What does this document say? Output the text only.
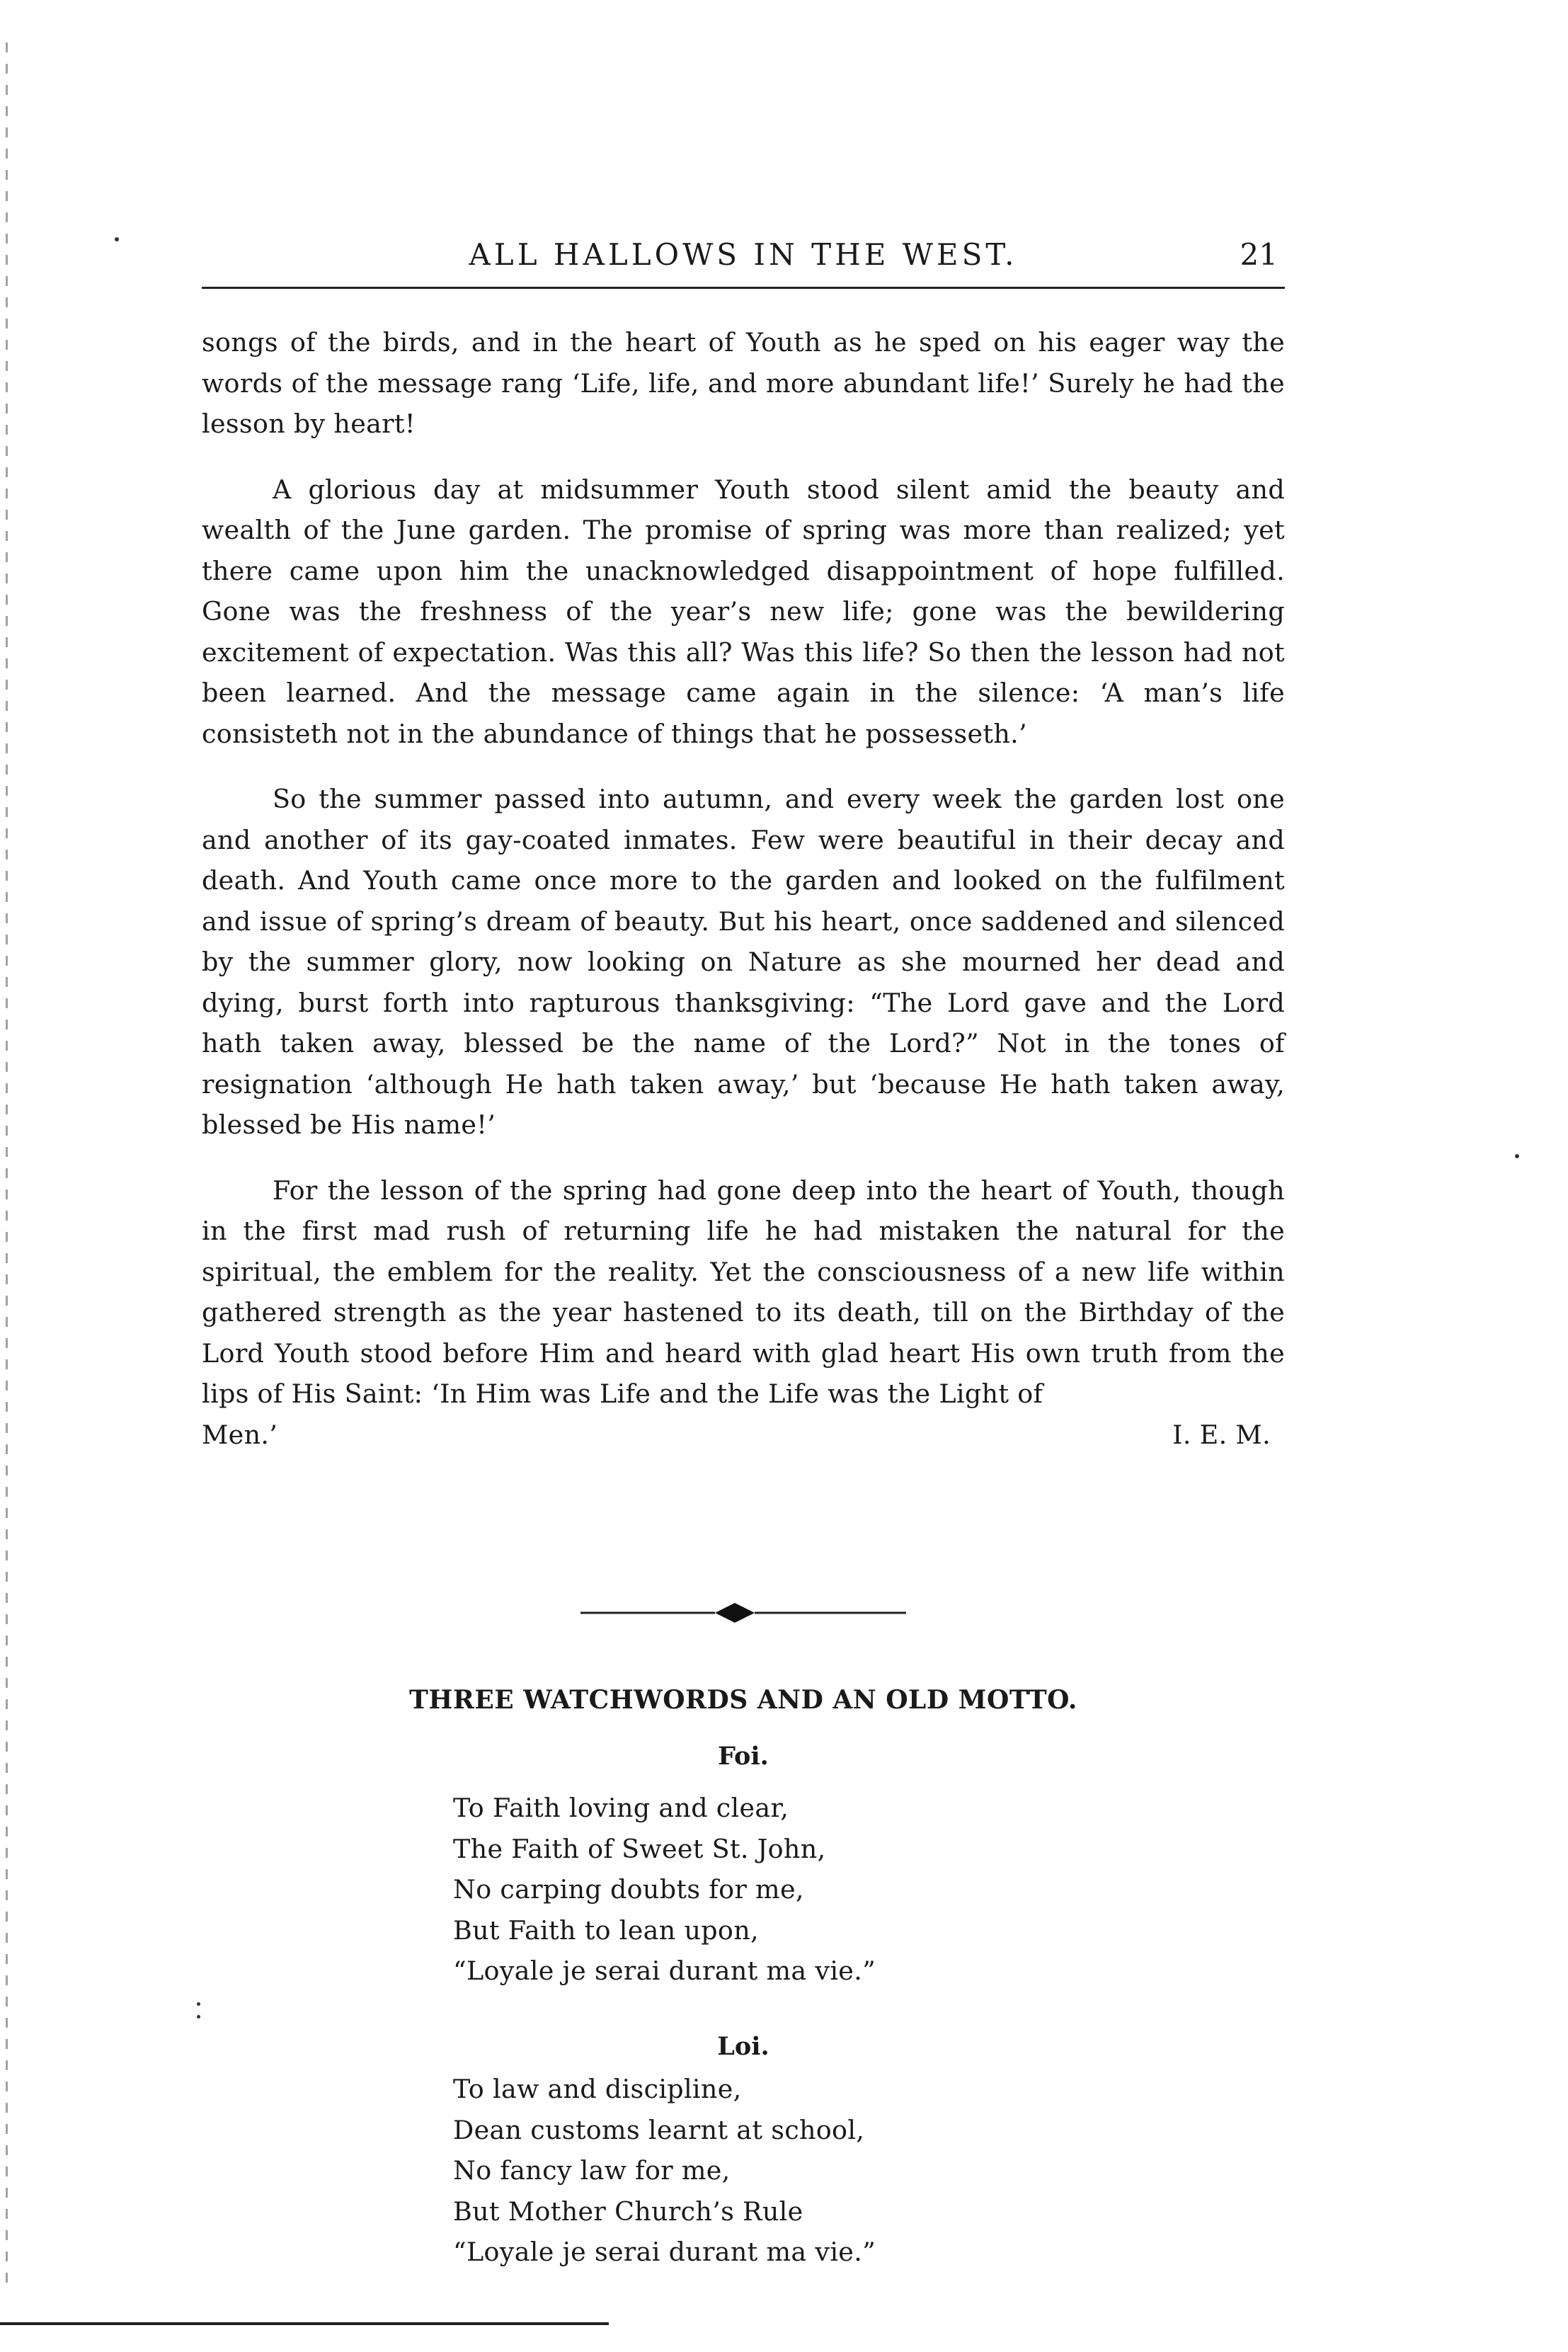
ALL HALLOWS IN THE WEST.	21

songs of the birds, and in the heart of Youth as he sped on his eager way the words of the message rang ‘Life, life, and more abundant life!’ Surely he had the lesson by heart!

A glorious day at midsummer Youth stood silent amid the beauty and wealth of the June garden. The promise of spring was more than realized; yet there came upon him the unacknowledged disappointment of hope fulfilled. Gone was the freshness of the year’s new life; gone was the bewildering excitement of expectation. Was this all? Was this life? So then the lesson had not been learned. And the message came again in the silence: ‘A man’s life consisteth not in the abundance of things that he possesseth.’

So the summer passed into autumn, and every week the garden lost one and another of its gay-coated inmates. Few were beautiful in their decay and death. And Youth came once more to the garden and looked on the fulfilment and issue of spring’s dream of beauty. But his heart, once saddened and silenced by the summer glory, now looking on Nature as she mourned her dead and dying, burst forth into rapturous thanksgiving: “The Lord gave and the Lord hath taken away, blessed be the name of the Lord?” Not in the tones of resignation ‘although He hath taken away,’ but ‘because He hath taken away, blessed be His name!’

For the lesson of the spring had gone deep into the heart of Youth, though in the first mad rush of returning life he had mistaken the natural for the spiritual, the emblem for the reality. Yet the consciousness of a new life within gathered strength as the year hastened to its death, till on the Birthday of the Lord Youth stood before Him and heard with glad heart His own truth from the lips of His Saint: ‘In Him was Life and the Life was the Light of

Men.’	I. E. M.
THREE WATCHWORDS AND AN OLD MOTTO.
Foi.
To Faith loving and clear,
The Faith of Sweet St. John,
No carping doubts for me,
But Faith to lean upon,
“Loyale je serai durant ma vie.”
Loi.
To law and discipline,
Dean customs learnt at school,
No fancy law for me,
But Mother Church’s Rule
“Loyale je serai durant ma vie.”
